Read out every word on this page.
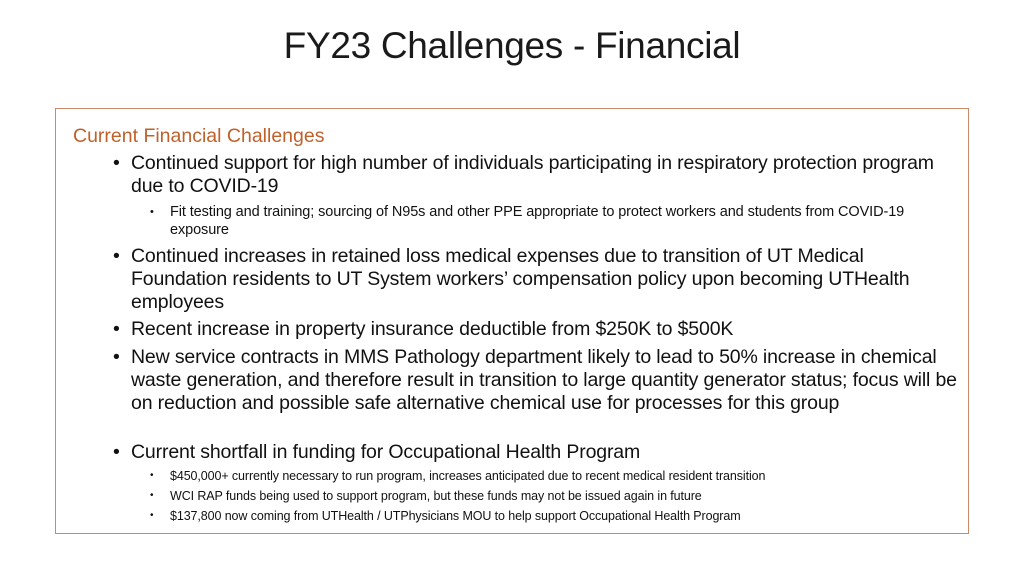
FY23 Challenges - Financial
Current Financial Challenges
• Continued support for high number of individuals participating in respiratory protection program due to COVID-19
•	Fit testing and training; sourcing of N95s and other PPE appropriate to protect workers and students from COVID-19 exposure
• Continued increases in retained loss medical expenses due to transition of UT Medical Foundation residents to UT System workers’ compensation policy upon becoming UTHealth employees
• Recent increase in property insurance deductible from $250K to $500K
• New service contracts in MMS Pathology department likely to lead to 50% increase in chemical waste generation, and therefore result in transition to large quantity generator status; focus will be on reduction and possible safe alternative chemical use for processes for this group
• Current shortfall in funding for Occupational Health Program
•	$450,000+ currently necessary to run program, increases anticipated due to recent medical resident transition
•	WCI RAP funds being used to support program, but these funds may not be issued again in future
•	$137,800 now coming from UTHealth / UTPhysicians MOU to help support Occupational Health Program
